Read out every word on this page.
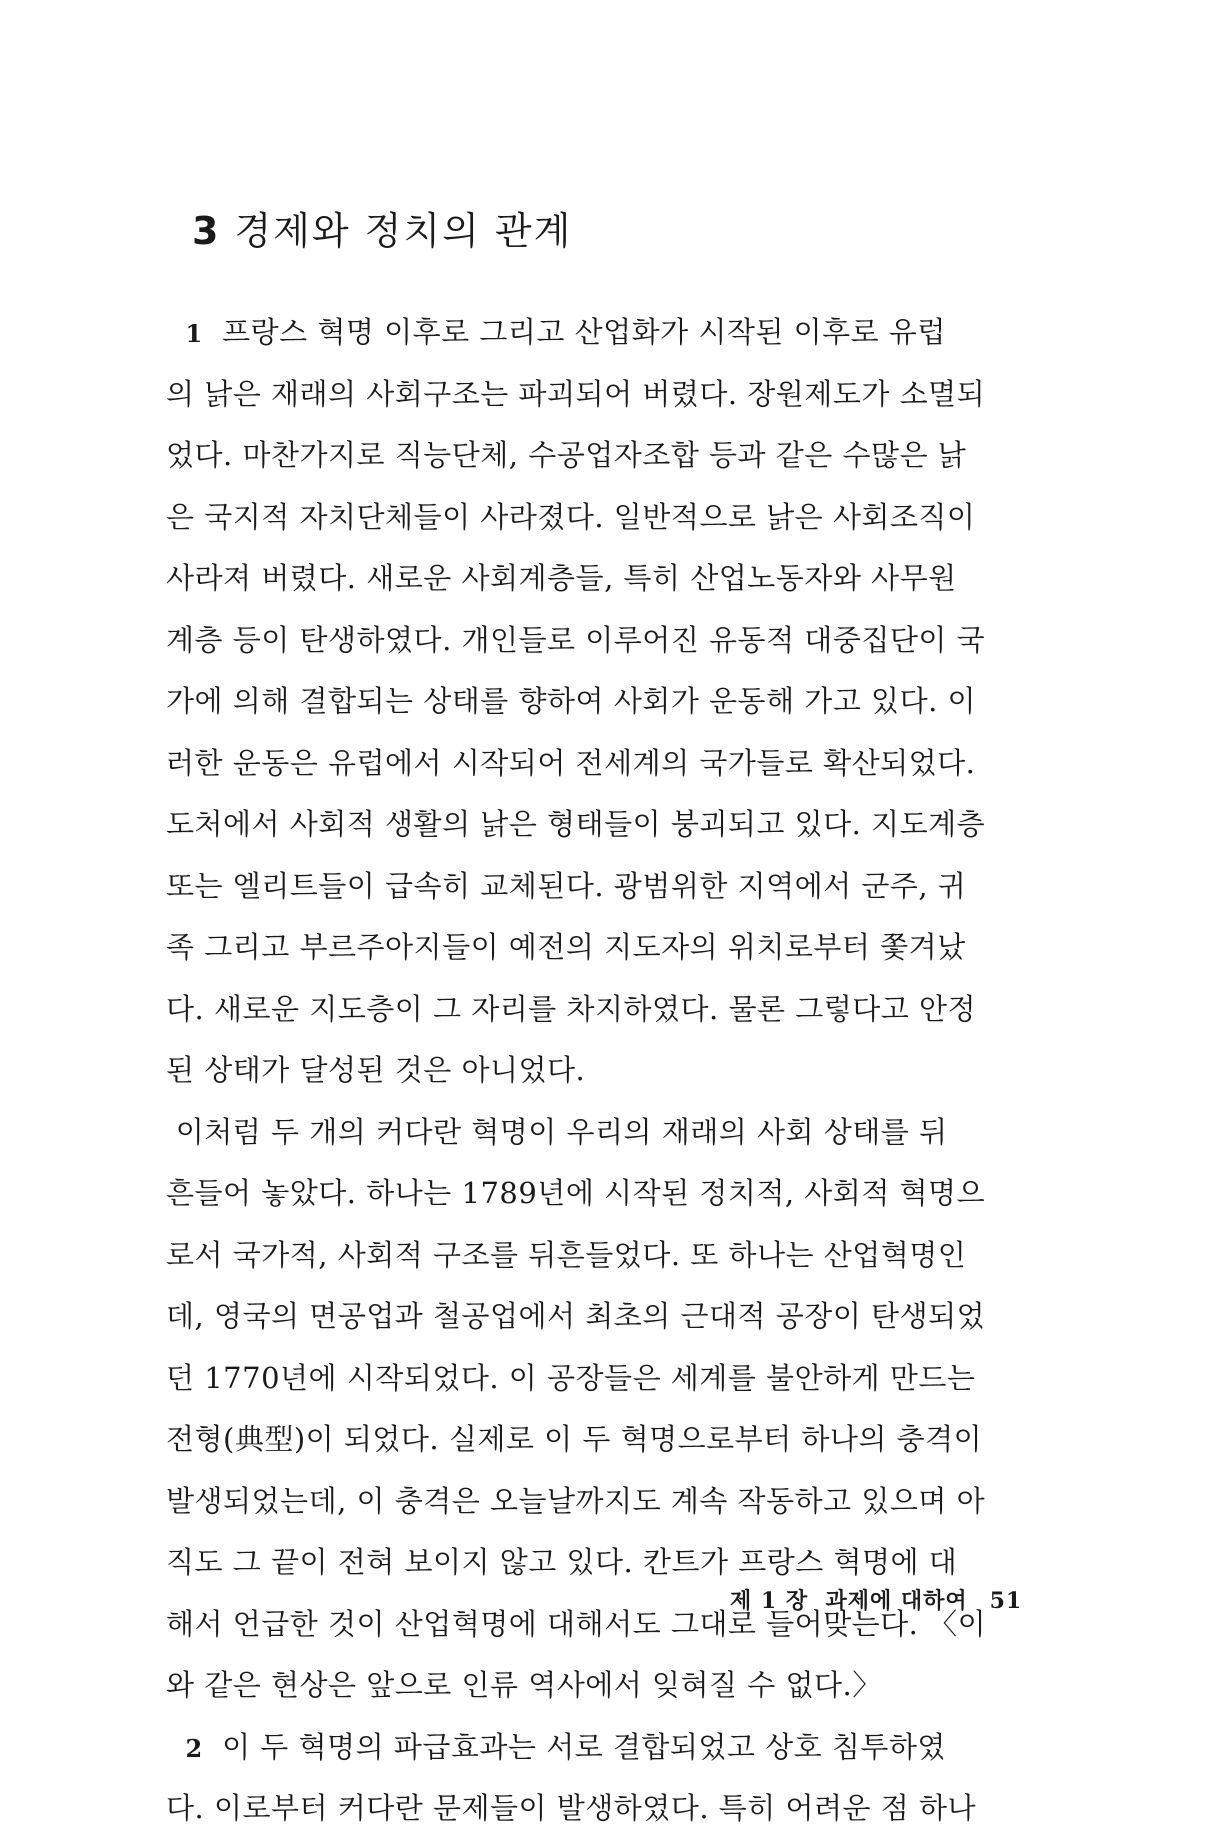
3 경제와 정치의 관계
1  프랑스 혁명 이후로 그리고 산업화가 시작된 이후로 유럽
의 낡은 재래의 사회구조는 파괴되어 버렸다. 장원제도가 소멸되
었다. 마찬가지로 직능단체, 수공업자조합 등과 같은 수많은 낡
은 국지적 자치단체들이 사라졌다. 일반적으로 낡은 사회조직이
사라져 버렸다. 새로운 사회계층들, 특히 산업노동자와 사무원
계층 등이 탄생하였다. 개인들로 이루어진 유동적 대중집단이 국
가에 의해 결합되는 상태를 향하여 사회가 운동해 가고 있다. 이
러한 운동은 유럽에서 시작되어 전세계의 국가들로 확산되었다.
도처에서 사회적 생활의 낡은 형태들이 붕괴되고 있다. 지도계층
또는 엘리트들이 급속히 교체된다. 광범위한 지역에서 군주, 귀
족 그리고 부르주아지들이 예전의 지도자의 위치로부터 쫓겨났
다. 새로운 지도층이 그 자리를 차지하였다. 물론 그렇다고 안정
된 상태가 달성된 것은 아니었다.
이처럼 두 개의 커다란 혁명이 우리의 재래의 사회 상태를 뒤
흔들어 놓았다. 하나는 1789년에 시작된 정치적, 사회적 혁명으
로서 국가적, 사회적 구조를 뒤흔들었다. 또 하나는 산업혁명인
데, 영국의 면공업과 철공업에서 최초의 근대적 공장이 탄생되었
던 1770년에 시작되었다. 이 공장들은 세계를 불안하게 만드는
전형(典型)이 되었다. 실제로 이 두 혁명으로부터 하나의 충격이
발생되었는데, 이 충격은 오늘날까지도 계속 작동하고 있으며 아
직도 그 끝이 전혀 보이지 않고 있다. 칸트가 프랑스 혁명에 대
해서 언급한 것이 산업혁명에 대해서도 그대로 들어맞는다. 〈이
와 같은 현상은 앞으로 인류 역사에서 잊혀질 수 없다.〉
2  이 두 혁명의 파급효과는 서로 결합되었고 상호 침투하였
다. 이로부터 커다란 문제들이 발생하였다. 특히 어려운 점 하나
제 1 장  과제에 대하여 51
